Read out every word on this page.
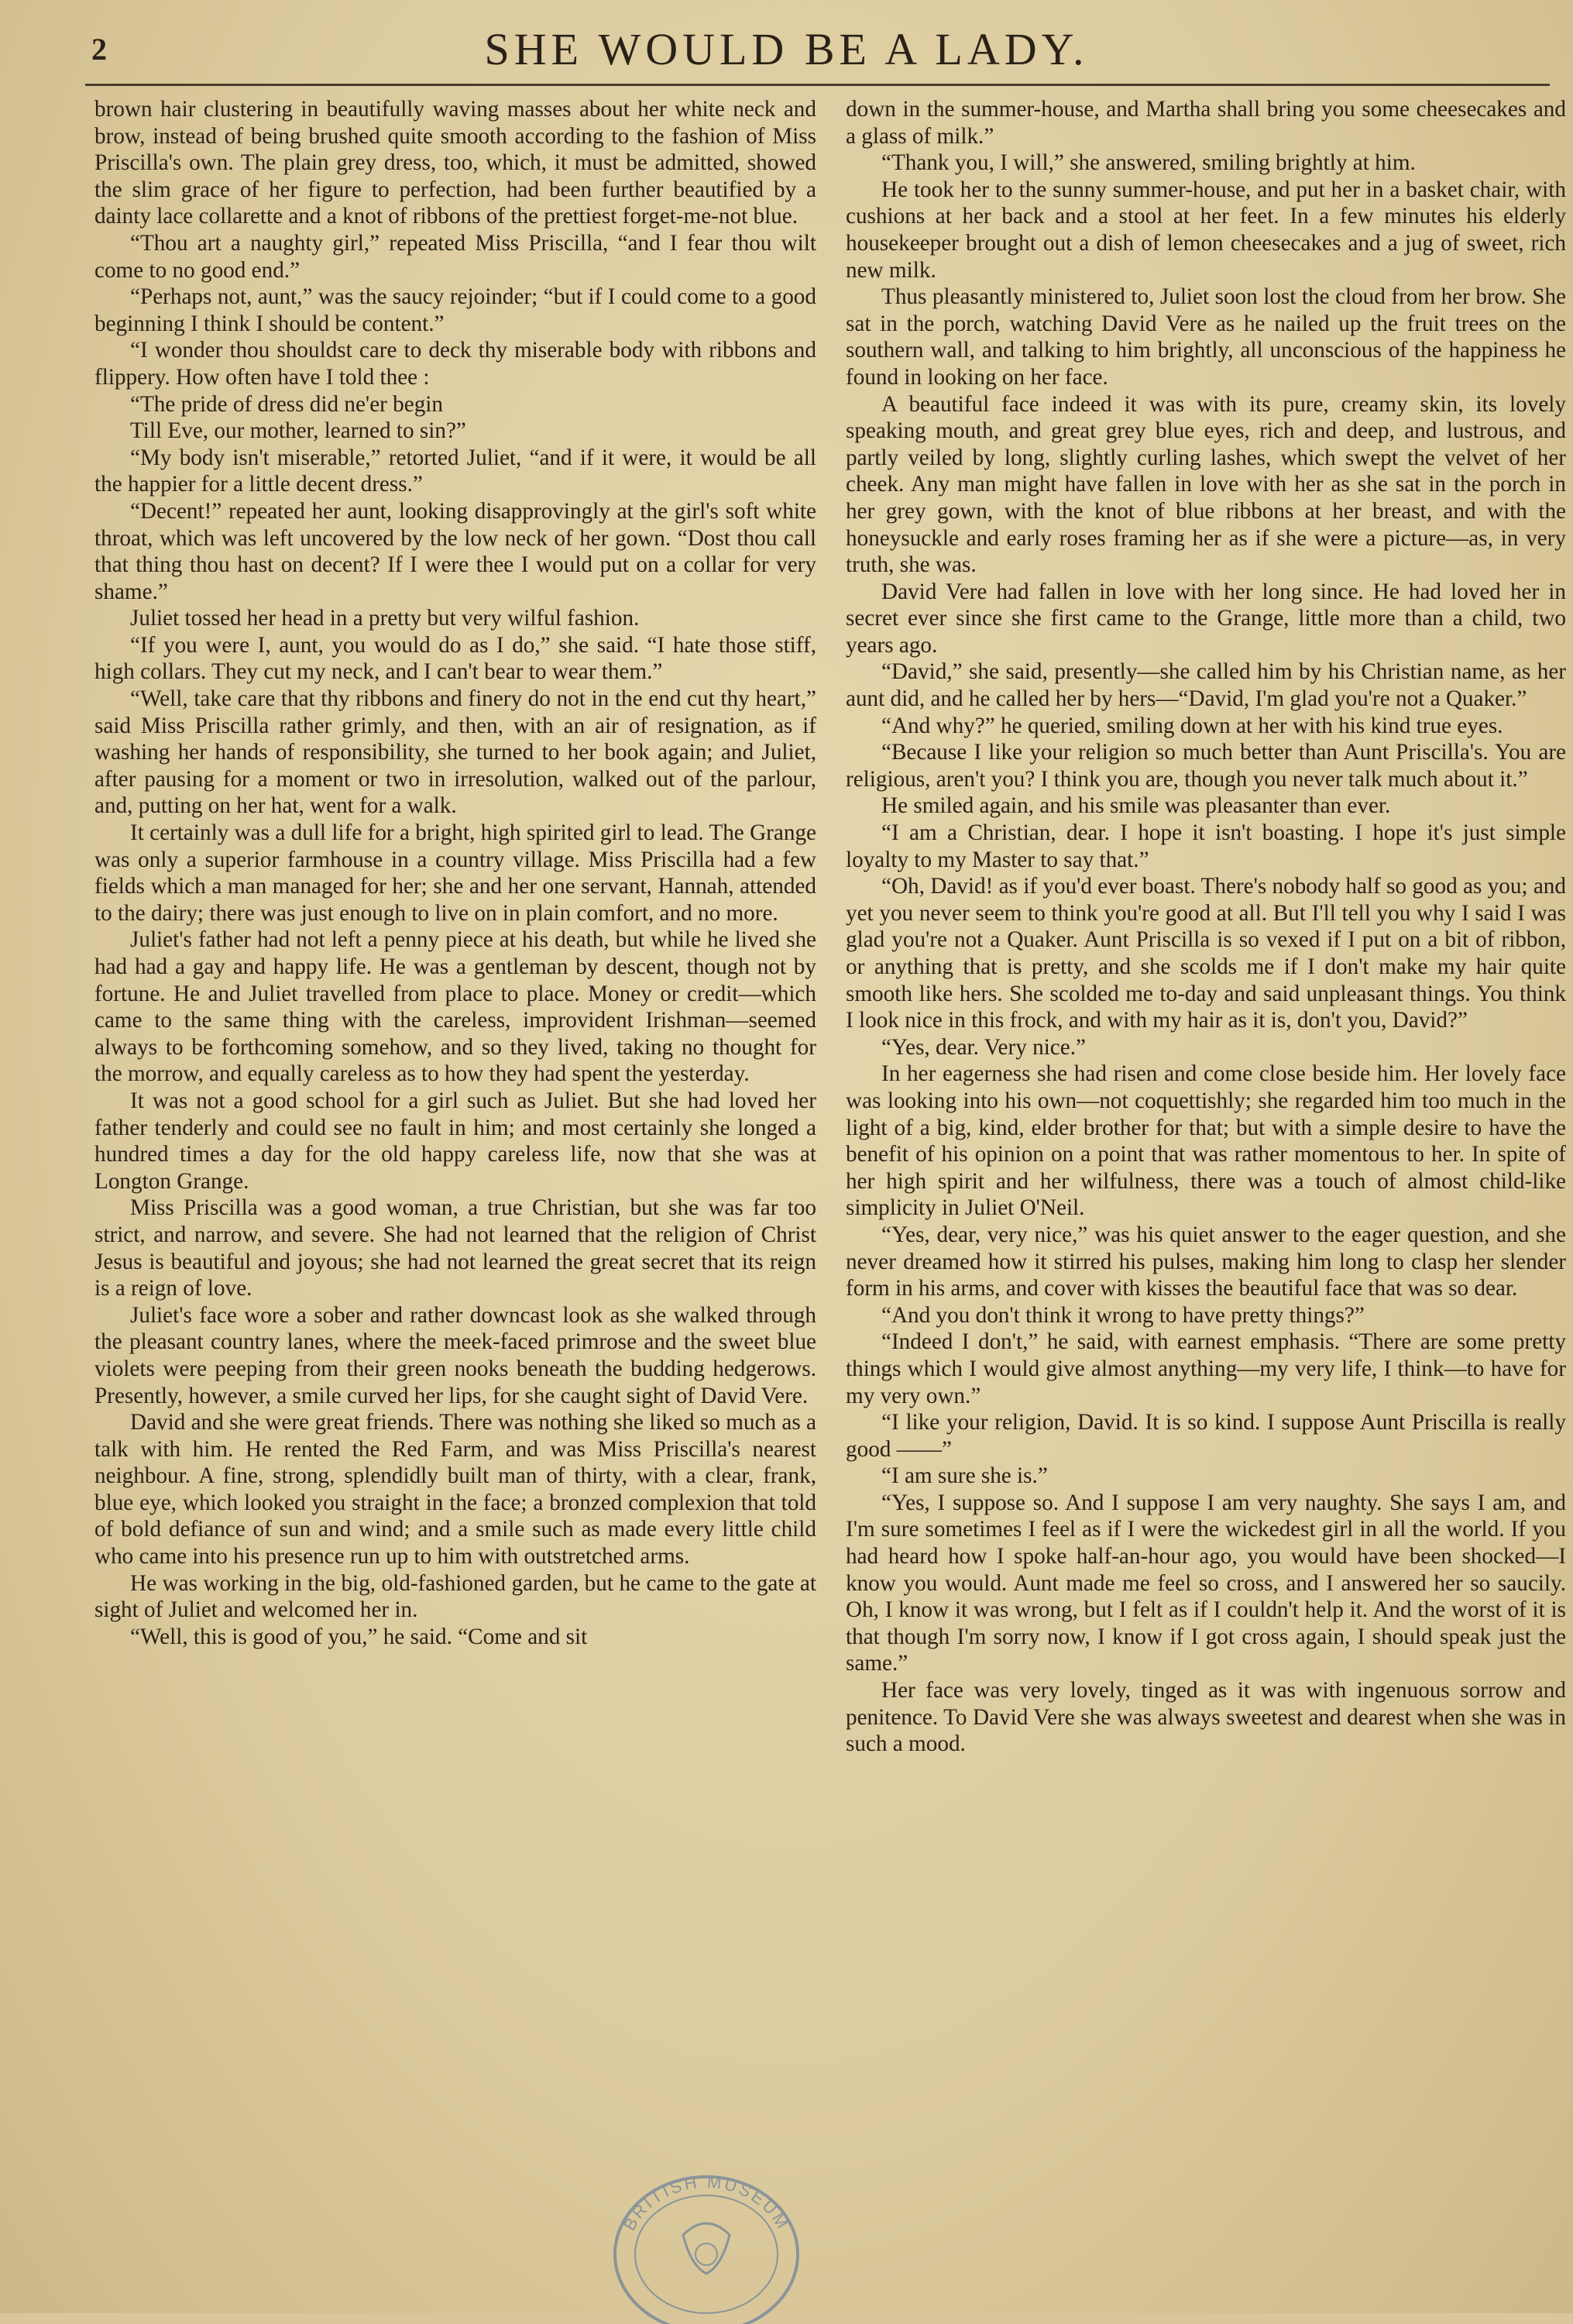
2	SHE WOULD BE A LADY.

brown hair clustering in beautifully waving masses about her white neck and brow, instead of being brushed quite smooth according to the fashion of Miss Priscilla's own. The plain grey dress, too, which, it must be admitted, showed the slim grace of her figure to perfection, had been further beautified by a dainty lace collarette and a knot of ribbons of the prettiest forget-me-not blue.

“Thou art a naughty girl,” repeated Miss Priscilla, “and I fear thou wilt come to no good end.”

“Perhaps not, aunt,” was the saucy rejoinder; “but if I could come to a good beginning I think I should be content.”

“I wonder thou shouldst care to deck thy miserable body with ribbons and flippery. How often have I told thee :

“The pride of dress did ne'er begin
Till Eve, our mother, learned to sin?”

“My body isn't miserable,” retorted Juliet, “and if it were, it would be all the happier for a little decent dress.”

“Decent!” repeated her aunt, looking disapprovingly at the girl's soft white throat, which was left uncovered by the low neck of her gown. “Dost thou call that thing thou hast on decent? If I were thee I would put on a collar for very shame.”

Juliet tossed her head in a pretty but very wilful fashion.

“If you were I, aunt, you would do as I do,” she said. “I hate those stiff, high collars. They cut my neck, and I can't bear to wear them.”

“Well, take care that thy ribbons and finery do not in the end cut thy heart,” said Miss Priscilla rather grimly, and then, with an air of resignation, as if washing her hands of responsibility, she turned to her book again; and Juliet, after pausing for a moment or two in irresolution, walked out of the parlour, and, putting on her hat, went for a walk.

It certainly was a dull life for a bright, high spirited girl to lead. The Grange was only a superior farmhouse in a country village. Miss Priscilla had a few fields which a man managed for her; she and her one servant, Hannah, attended to the dairy; there was just enough to live on in plain comfort, and no more.

Juliet's father had not left a penny piece at his death, but while he lived she had had a gay and happy life. He was a gentleman by descent, though not by fortune. He and Juliet travelled from place to place. Money or credit—which came to the same thing with the careless, improvident Irishman—seemed always to be forthcoming somehow, and so they lived, taking no thought for the morrow, and equally careless as to how they had spent the yesterday.

It was not a good school for a girl such as Juliet. But she had loved her father tenderly and could see no fault in him; and most certainly she longed a hundred times a day for the old happy careless life, now that she was at Longton Grange.

Miss Priscilla was a good woman, a true Christian, but she was far too strict, and narrow, and severe. She had not learned that the religion of Christ Jesus is beautiful and joyous; she had not learned the great secret that its reign is a reign of love.

Juliet's face wore a sober and rather downcast look as she walked through the pleasant country lanes, where the meek-faced primrose and the sweet blue violets were peeping from their green nooks beneath the budding hedgerows. Presently, however, a smile curved her lips, for she caught sight of David Vere.

David and she were great friends. There was nothing she liked so much as a talk with him. He rented the Red Farm, and was Miss Priscilla's nearest neighbour. A fine, strong, splendidly built man of thirty, with a clear, frank, blue eye, which looked you straight in the face; a bronzed complexion that told of bold defiance of sun and wind; and a smile such as made every little child who came into his presence run up to him with outstretched arms.

He was working in the big, old-fashioned garden, but he came to the gate at sight of Juliet and welcomed her in.

“Well, this is good of you,” he said. “Come and sit

down in the summer-house, and Martha shall bring you some cheesecakes and a glass of milk.”

“Thank you, I will,” she answered, smiling brightly at him.

He took her to the sunny summer-house, and put her in a basket chair, with cushions at her back and a stool at her feet. In a few minutes his elderly housekeeper brought out a dish of lemon cheesecakes and a jug of sweet, rich new milk.

Thus pleasantly ministered to, Juliet soon lost the cloud from her brow. She sat in the porch, watching David Vere as he nailed up the fruit trees on the southern wall, and talking to him brightly, all unconscious of the happiness he found in looking on her face.

A beautiful face indeed it was with its pure, creamy skin, its lovely speaking mouth, and great grey blue eyes, rich and deep, and lustrous, and partly veiled by long, slightly curling lashes, which swept the velvet of her cheek. Any man might have fallen in love with her as she sat in the porch in her grey gown, with the knot of blue ribbons at her breast, and with the honeysuckle and early roses framing her as if she were a picture—as, in very truth, she was.

David Vere had fallen in love with her long since. He had loved her in secret ever since she first came to the Grange, little more than a child, two years ago.

“David,” she said, presently—she called him by his Christian name, as her aunt did, and he called her by hers—“David, I'm glad you're not a Quaker.”

“And why?” he queried, smiling down at her with his kind true eyes.

“Because I like your religion so much better than Aunt Priscilla's. You are religious, aren't you? I think you are, though you never talk much about it.”

He smiled again, and his smile was pleasanter than ever.

“I am a Christian, dear. I hope it isn't boasting. I hope it's just simple loyalty to my Master to say that.”

“Oh, David! as if you'd ever boast. There's nobody half so good as you; and yet you never seem to think you're good at all. But I'll tell you why I said I was glad you're not a Quaker. Aunt Priscilla is so vexed if I put on a bit of ribbon, or anything that is pretty, and she scolds me if I don't make my hair quite smooth like hers. She scolded me to-day and said unpleasant things. You think I look nice in this frock, and with my hair as it is, don't you, David?”

“Yes, dear. Very nice.”

In her eagerness she had risen and come close beside him. Her lovely face was looking into his own—not coquettishly; she regarded him too much in the light of a big, kind, elder brother for that; but with a simple desire to have the benefit of his opinion on a point that was rather momentous to her. In spite of her high spirit and her wilfulness, there was a touch of almost child-like simplicity in Juliet O'Neil.

“Yes, dear, very nice,” was his quiet answer to the eager question, and she never dreamed how it stirred his pulses, making him long to clasp her slender form in his arms, and cover with kisses the beautiful face that was so dear.

“And you don't think it wrong to have pretty things?”

“Indeed I don't,” he said, with earnest emphasis. “There are some pretty things which I would give almost anything—my very life, I think—to have for my very own.”

“I like your religion, David. It is so kind. I suppose Aunt Priscilla is really good ——”

“I am sure she is.”

“Yes, I suppose so. And I suppose I am very naughty. She says I am, and I'm sure sometimes I feel as if I were the wickedest girl in all the world. If you had heard how I spoke half-an-hour ago, you would have been shocked—I know you would. Aunt made me feel so cross, and I answered her so saucily. Oh, I know it was wrong, but I felt as if I couldn't help it. And the worst of it is that though I'm sorry now, I know if I got cross again, I should speak just the same.”

Her face was very lovely, tinged as it was with ingenuous sorrow and penitence. To David Vere she was always sweetest and dearest when she was in such a mood.

BRITISH MUSEUM
